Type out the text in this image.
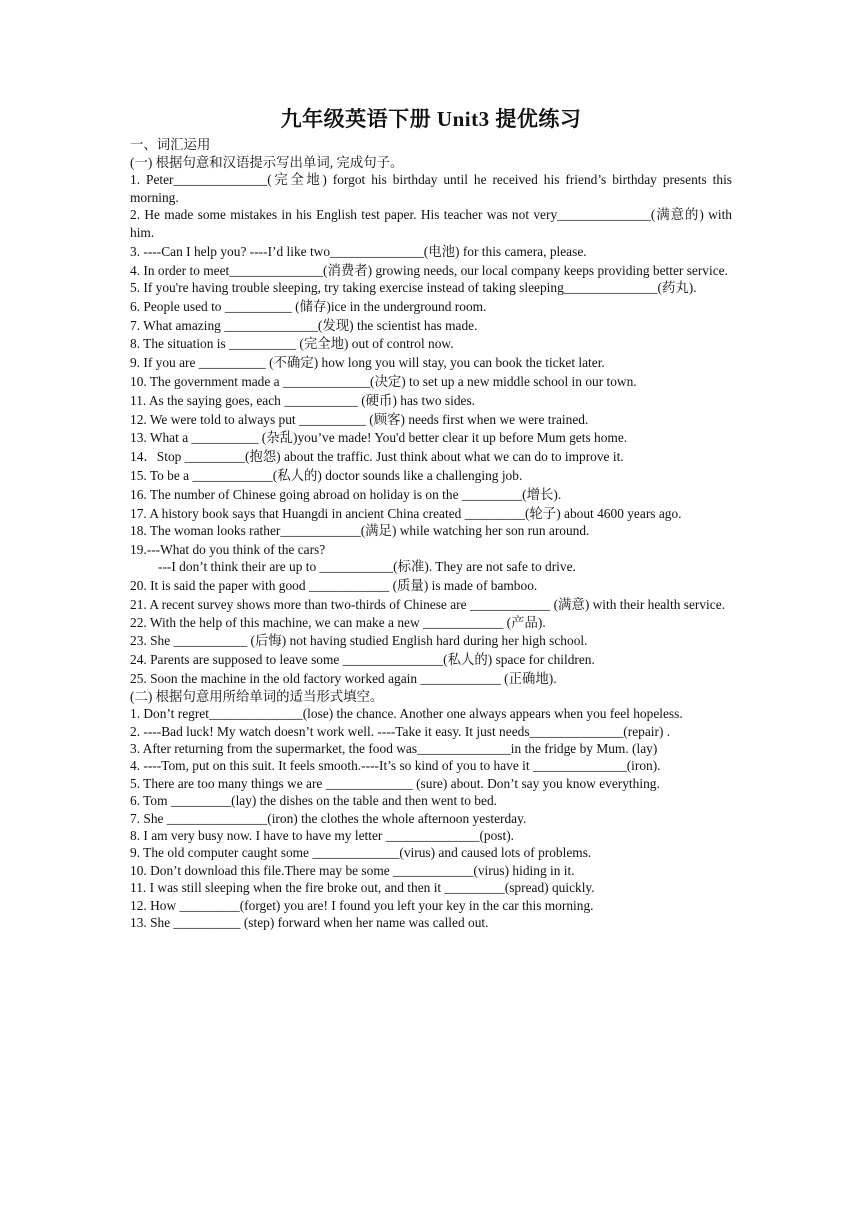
九年级英语下册 Unit3 提优练习
一、词汇运用
(一) 根据句意和汉语提示写出单词, 完成句子。
1. Peter______________(完全地) forgot his birthday until he received his friend’s birthday presents this morning.
2. He made some mistakes in his English test paper. His teacher was not very______________(满意的) with him.
3. ----Can I help you? ----I’d like two______________(电池) for this camera, please.
4. In order to meet______________(消费者) growing needs, our local company keeps providing better service.
5. If you're having trouble sleeping, try taking exercise instead of taking sleeping______________(药丸).
6. People used to __________ (储存)ice in the underground room.
7. What amazing ______________(发现) the scientist has made.
8. The situation is __________ (完全地) out of control now.
9. If you are __________ (不确定) how long you will stay, you can book the ticket later.
10. The government made a _____________(决定) to set up a new middle school in our town.
11. As the saying goes, each ___________ (硬币) has two sides.
12. We were told to always put __________ (顾客) needs first when we were trained.
13. What a __________ (杂乱)you’ve made! You'd better clear it up before Mum gets home.
14．Stop _________(抱怨) about the traffic. Just think about what we can do to improve it.
15. To be a ____________(私人的) doctor sounds like a challenging job.
16. The number of Chinese going abroad on holiday is on the _________(增长).
17. A history book says that Huangdi in ancient China created _________(轮子) about 4600 years ago.
18. The woman looks rather____________(满足) while watching her son run around.
19.---What do you think of the cars?
---I don’t think their are up to ___________(标准). They are not safe to drive.
20. It is said the paper with good ____________ (质量) is made of bamboo.
21. A recent survey shows more than two-thirds of Chinese are ____________ (满意) with their health service.
22. With the help of this machine, we can make a new ____________ (产品).
23. She ___________ (后悔) not having studied English hard during her high school.
24. Parents are supposed to leave some _______________(私人的) space for children.
25. Soon the machine in the old factory worked again ____________ (正确地).
(二) 根据句意用所给单词的适当形式填空。
1. Don’t regret______________(lose) the chance. Another one always appears when you feel hopeless.
2. ----Bad luck! My watch doesn’t work well. ----Take it easy. It just needs______________(repair) .
3. After returning from the supermarket, the food was______________in the fridge by Mum. (lay)
4. ----Tom, put on this suit. It feels smooth.----It’s so kind of you to have it ______________(iron).
5. There are too many things we are _____________ (sure) about. Don’t say you know everything.
6. Tom _________(lay) the dishes on the table and then went to bed.
7. She _______________(iron) the clothes the whole afternoon yesterday.
8. I am very busy now. I have to have my letter ______________(post).
9. The old computer caught some _____________(virus) and caused lots of problems.
10. Don’t download this file.There may be some ____________(virus) hiding in it.
11. I was still sleeping when the fire broke out, and then it _________(spread) quickly.
12. How _________(forget) you are! I found you left your key in the car this morning.
13. She __________ (step) forward when her name was called out.
